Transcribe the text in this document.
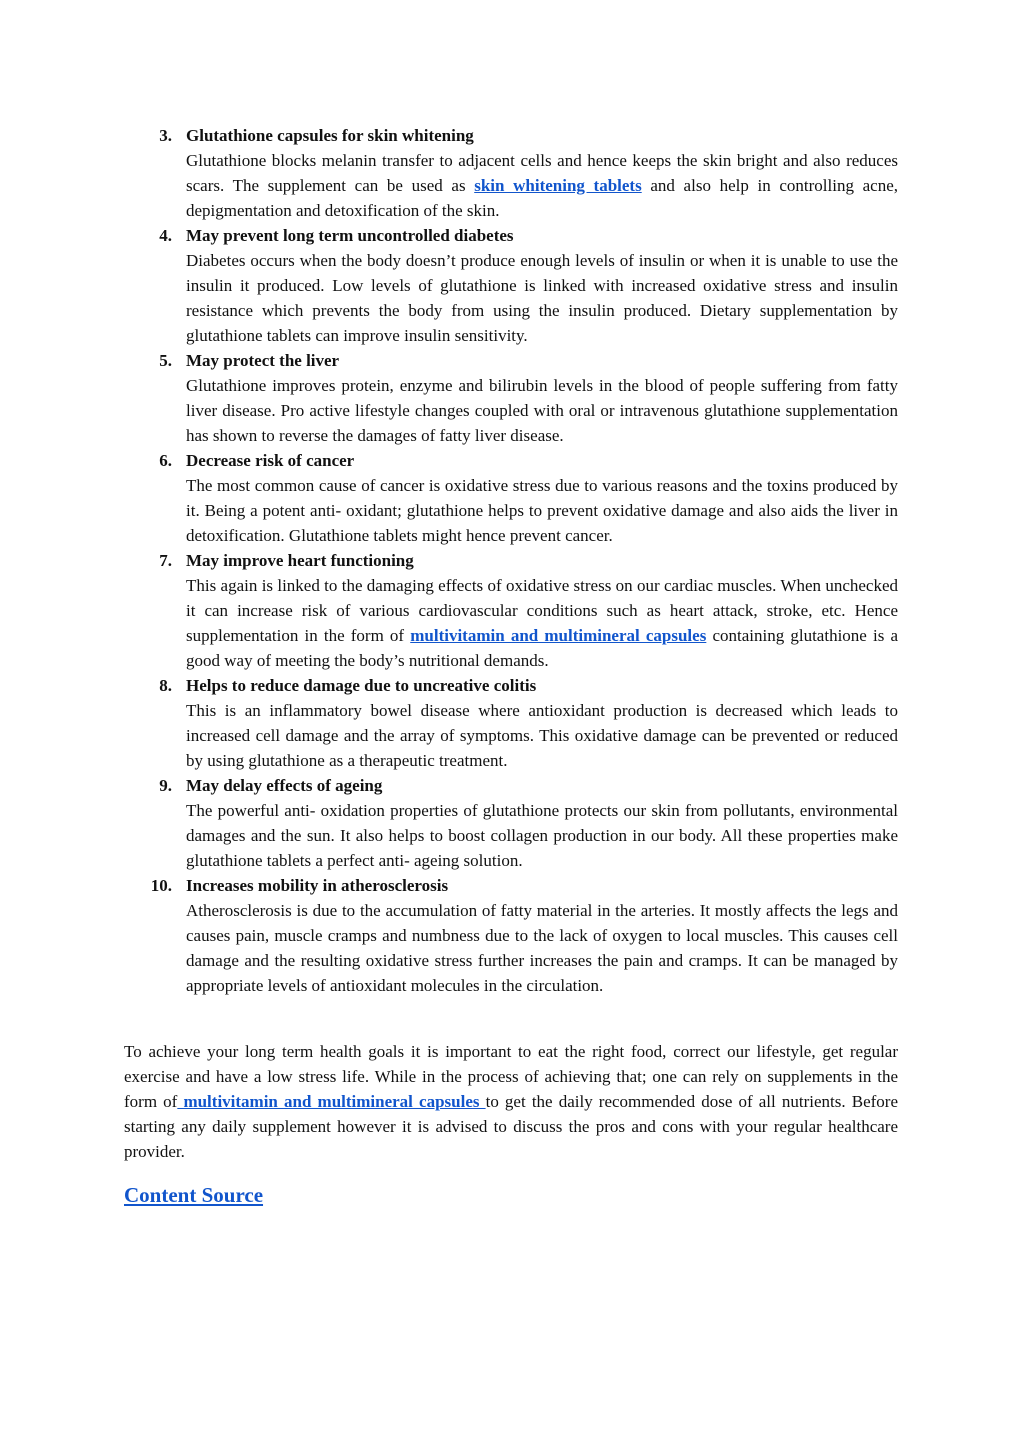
3. Glutathione capsules for skin whitening

Glutathione blocks melanin transfer to adjacent cells and hence keeps the skin bright and also reduces scars. The supplement can be used as skin whitening tablets and also help in controlling acne, depigmentation and detoxification of the skin.

4. May prevent long term uncontrolled diabetes

Diabetes occurs when the body doesn’t produce enough levels of insulin or when it is unable to use the insulin it produced. Low levels of glutathione is linked with increased oxidative stress and insulin resistance which prevents the body from using the insulin produced. Dietary supplementation by glutathione tablets can improve insulin sensitivity.

5. May protect the liver

Glutathione improves protein, enzyme and bilirubin levels in the blood of people suffering from fatty liver disease. Pro active lifestyle changes coupled with oral or intravenous glutathione supplementation has shown to reverse the damages of fatty liver disease.

6. Decrease risk of cancer

The most common cause of cancer is oxidative stress due to various reasons and the toxins produced by it. Being a potent anti- oxidant; glutathione helps to prevent oxidative damage and also aids the liver in detoxification. Glutathione tablets might hence prevent cancer.

7. May improve heart functioning

This again is linked to the damaging effects of oxidative stress on our cardiac muscles. When unchecked it can increase risk of various cardiovascular conditions such as heart attack, stroke, etc. Hence supplementation in the form of multivitamin and multimineral capsules containing glutathione is a good way of meeting the body’s nutritional demands.

8. Helps to reduce damage due to uncreative colitis

This is an inflammatory bowel disease where antioxidant production is decreased which leads to increased cell damage and the array of symptoms. This oxidative damage can be prevented or reduced by using glutathione as a therapeutic treatment.

9. May delay effects of ageing

The powerful anti- oxidation properties of glutathione protects our skin from pollutants, environmental damages and the sun. It also helps to boost collagen production in our body. All these properties make glutathione tablets a perfect anti- ageing solution.

10. Increases mobility in atherosclerosis

Atherosclerosis is due to the accumulation of fatty material in the arteries. It mostly affects the legs and causes pain, muscle cramps and numbness due to the lack of oxygen to local muscles. This causes cell damage and the resulting oxidative stress further increases the pain and cramps. It can be managed by appropriate levels of antioxidant molecules in the circulation.

To achieve your long term health goals it is important to eat the right food, correct our lifestyle, get regular exercise and have a low stress life. While in the process of achieving that; one can rely on supplements in the form of multivitamin and multimineral capsules to get the daily recommended dose of all nutrients. Before starting any daily supplement however it is advised to discuss the pros and cons with your regular healthcare provider.

Content Source
